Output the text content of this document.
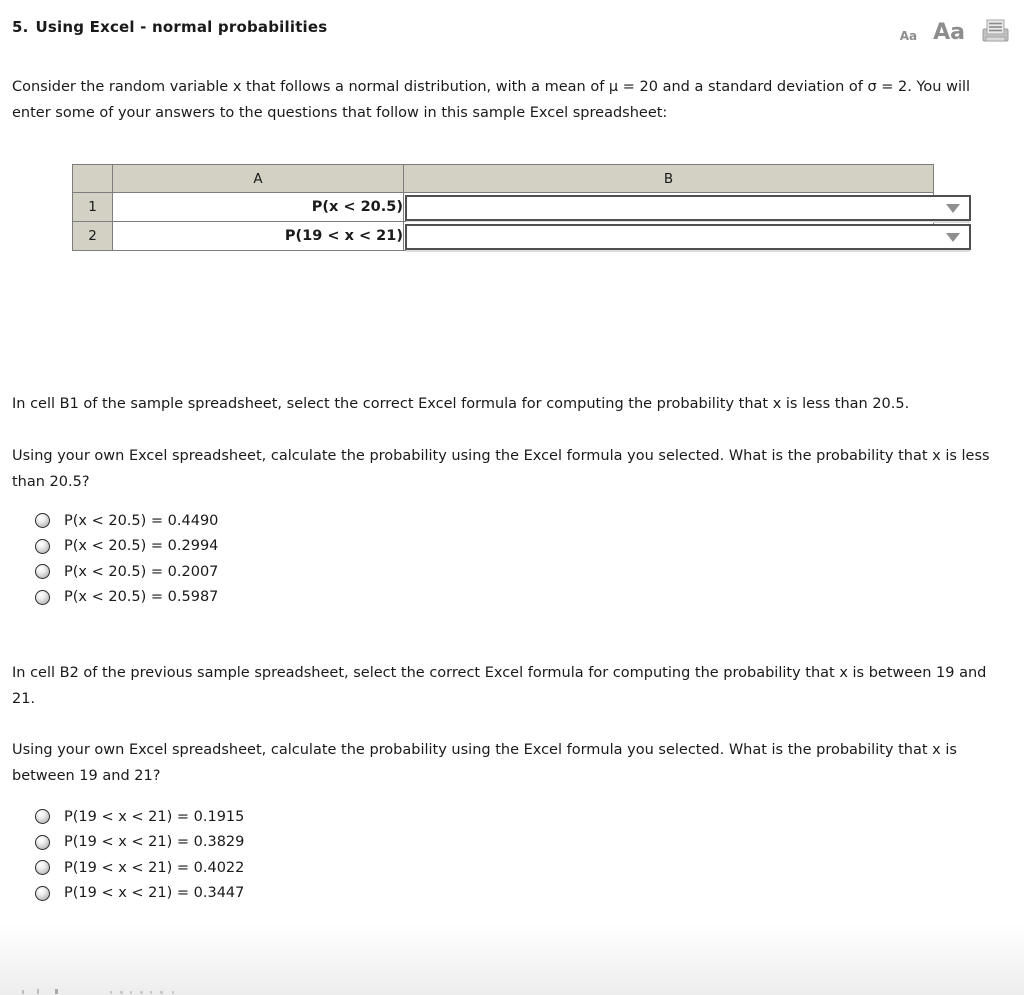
5. Using Excel - normal probabilities	Aa Aa
Consider the random variable x that follows a normal distribution, with a mean of μ = 20 and a standard deviation of σ = 2. You will enter some of your answers to the questions that follow in this sample Excel spreadsheet:
	A	B
1	P(x < 20.5)	

2	P(19 < x < 21)	
In cell B1 of the sample spreadsheet, select the correct Excel formula for computing the probability that x is less than 20.5.
Using your own Excel spreadsheet, calculate the probability using the Excel formula you selected. What is the probability that x is less than 20.5?
P(x < 20.5) = 0.4490
P(x < 20.5) = 0.2994
P(x < 20.5) = 0.2007
P(x < 20.5) = 0.5987
In cell B2 of the previous sample spreadsheet, select the correct Excel formula for computing the probability that x is between 19 and 21.
Using your own Excel spreadsheet, calculate the probability using the Excel formula you selected. What is the probability that x is between 19 and 21?
P(19 < x < 21) = 0.1915
P(19 < x < 21) = 0.3829
P(19 < x < 21) = 0.4022
P(19 < x < 21) = 0.3447
